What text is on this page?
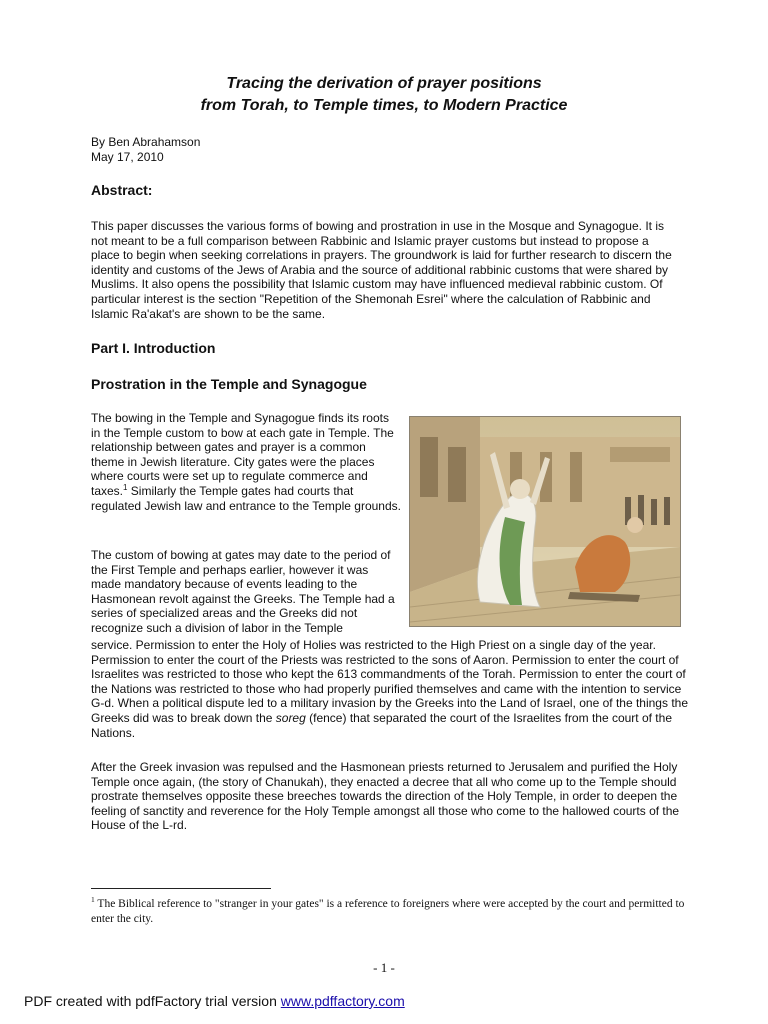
Tracing the derivation of prayer positions
from Torah, to Temple times, to Modern Practice
By Ben Abrahamson
May 17, 2010
Abstract:
This paper discusses the various forms of bowing and prostration in use in the Mosque and Synagogue. It is not meant to be a full comparison between Rabbinic and Islamic prayer customs but instead to propose a place to begin when seeking correlations in prayers. The groundwork is laid for further research to discern the identity and customs of the Jews of Arabia and the source of additional rabbinic customs that were shared by Muslims. It also opens the possibility that Islamic custom may have influenced medieval rabbinic custom. Of particular interest is the section "Repetition of the Shemonah Esrei" where the calculation of Rabbinic and Islamic Ra'akat's are shown to be the same.
Part I. Introduction
Prostration in the Temple and Synagogue
The bowing in the Temple and Synagogue finds its roots in the Temple custom to bow at each gate in Temple. The relationship between gates and prayer is a common theme in Jewish literature. City gates were the places where courts were set up to regulate commerce and taxes.$^1$ Similarly the Temple gates had courts that regulated Jewish law and entrance to the Temple grounds.
The custom of bowing at gates may date to the period of the First Temple and perhaps earlier, however it was made mandatory because of events leading to the Hasmonean revolt against the Greeks. The Temple had a series of specialized areas and the Greeks did not recognize such a division of labor in the Temple
service. Permission to enter the Holy of Holies was restricted to the High Priest on a single day of the year. Permission to enter the court of the Priests was restricted to the sons of Aaron. Permission to enter the court of Israelites was restricted to those who kept the 613 commandments of the Torah. Permission to enter the court of the Nations was restricted to those who had properly purified themselves and came with the intention to service G-d. When a political dispute led to a military invasion by the Greeks into the Land of Israel, one of the things the Greeks did was to break down the soreg (fence) that separated the court of the Israelites from the court of the Nations.
After the Greek invasion was repulsed and the Hasmonean priests returned to Jerusalem and purified the Holy Temple once again, (the story of Chanukah), they enacted a decree that all who come up to the Temple should prostrate themselves opposite these breeches towards the direction of the Holy Temple, in order to deepen the feeling of sanctity and reverence for the Holy Temple amongst all those who come to the hallowed courts of the House of the L-rd.
$^1$ The Biblical reference to "stranger in your gates" is a reference to foreigners where were accepted by the court and permitted to enter the city.
- 1 -
PDF created with pdfFactory trial version www.pdffactory.com
